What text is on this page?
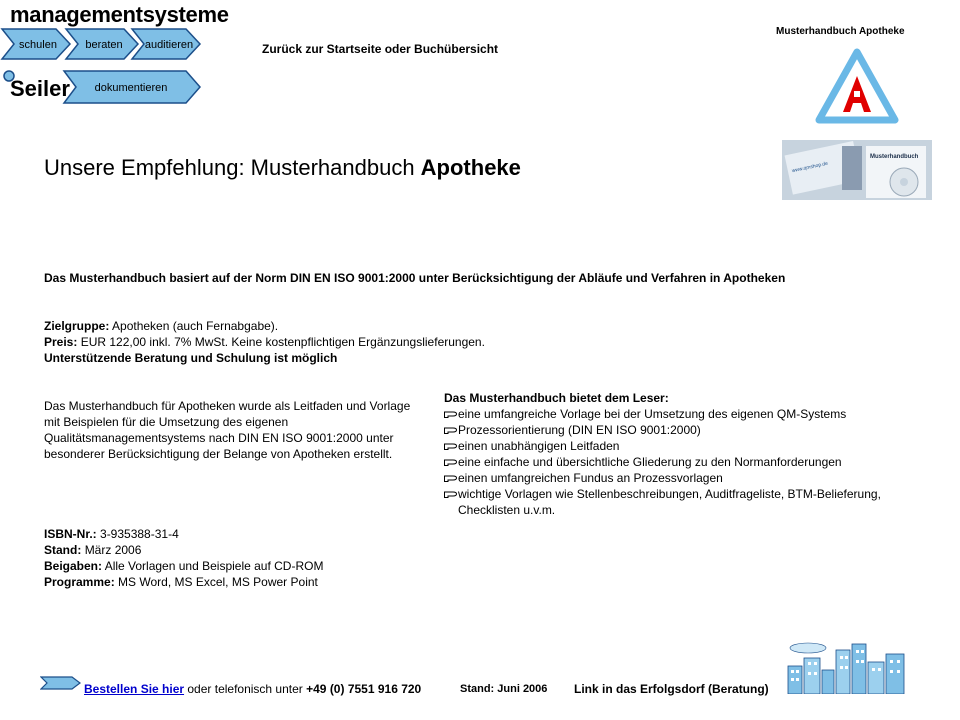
managementsysteme
schulen	beraten auditieren
dokumentieren
Seiler
Zurück zur Startseite oder Buchübersicht
Musterhandbuch Apotheke
www.qmshop.de
Musterhandbuch
Unsere Empfehlung: Musterhandbuch Apotheke
Das Musterhandbuch basiert auf der Norm DIN EN ISO 9001:2000 unter Berücksichtigung der Abläufe und Verfahren in Apotheken
Zielgruppe: Apotheken (auch Fernabgabe).
Preis: EUR 122,00 inkl. 7% MwSt. Keine kostenpflichtigen Ergänzungslieferungen.
Unterstützende Beratung und Schulung ist möglich
Das Musterhandbuch für Apotheken wurde als Leitfaden und Vorlage mit Beispielen für die Umsetzung des eigenen Qualitätsmanagementsystems nach DIN EN ISO 9001:2000 unter besonderer Berücksichtigung der Belange von Apotheken erstellt.
Das Musterhandbuch bietet dem Leser:
eine umfangreiche Vorlage bei der Umsetzung des eigenen QM-Systems
Prozessorientierung (DIN EN ISO 9001:2000)
einen unabhängigen Leitfaden
eine einfache und übersichtliche Gliederung zu den Normanforderungen
einen umfangreichen Fundus an Prozessvorlagen
wichtige Vorlagen wie Stellenbeschreibungen, Auditfrageliste, BTM-Belieferung, Checklisten u.v.m.
ISBN-Nr.: 3-935388-31-4
Stand: März 2006
Beigaben: Alle Vorlagen und Beispiele auf CD-ROM
Programme: MS Word, MS Excel, MS Power Point
Bestellen Sie hier oder telefonisch unter +49 (0) 7551 916 720	Stand: Juni 2006 Link in das Erfolgsdorf (Beratung)
